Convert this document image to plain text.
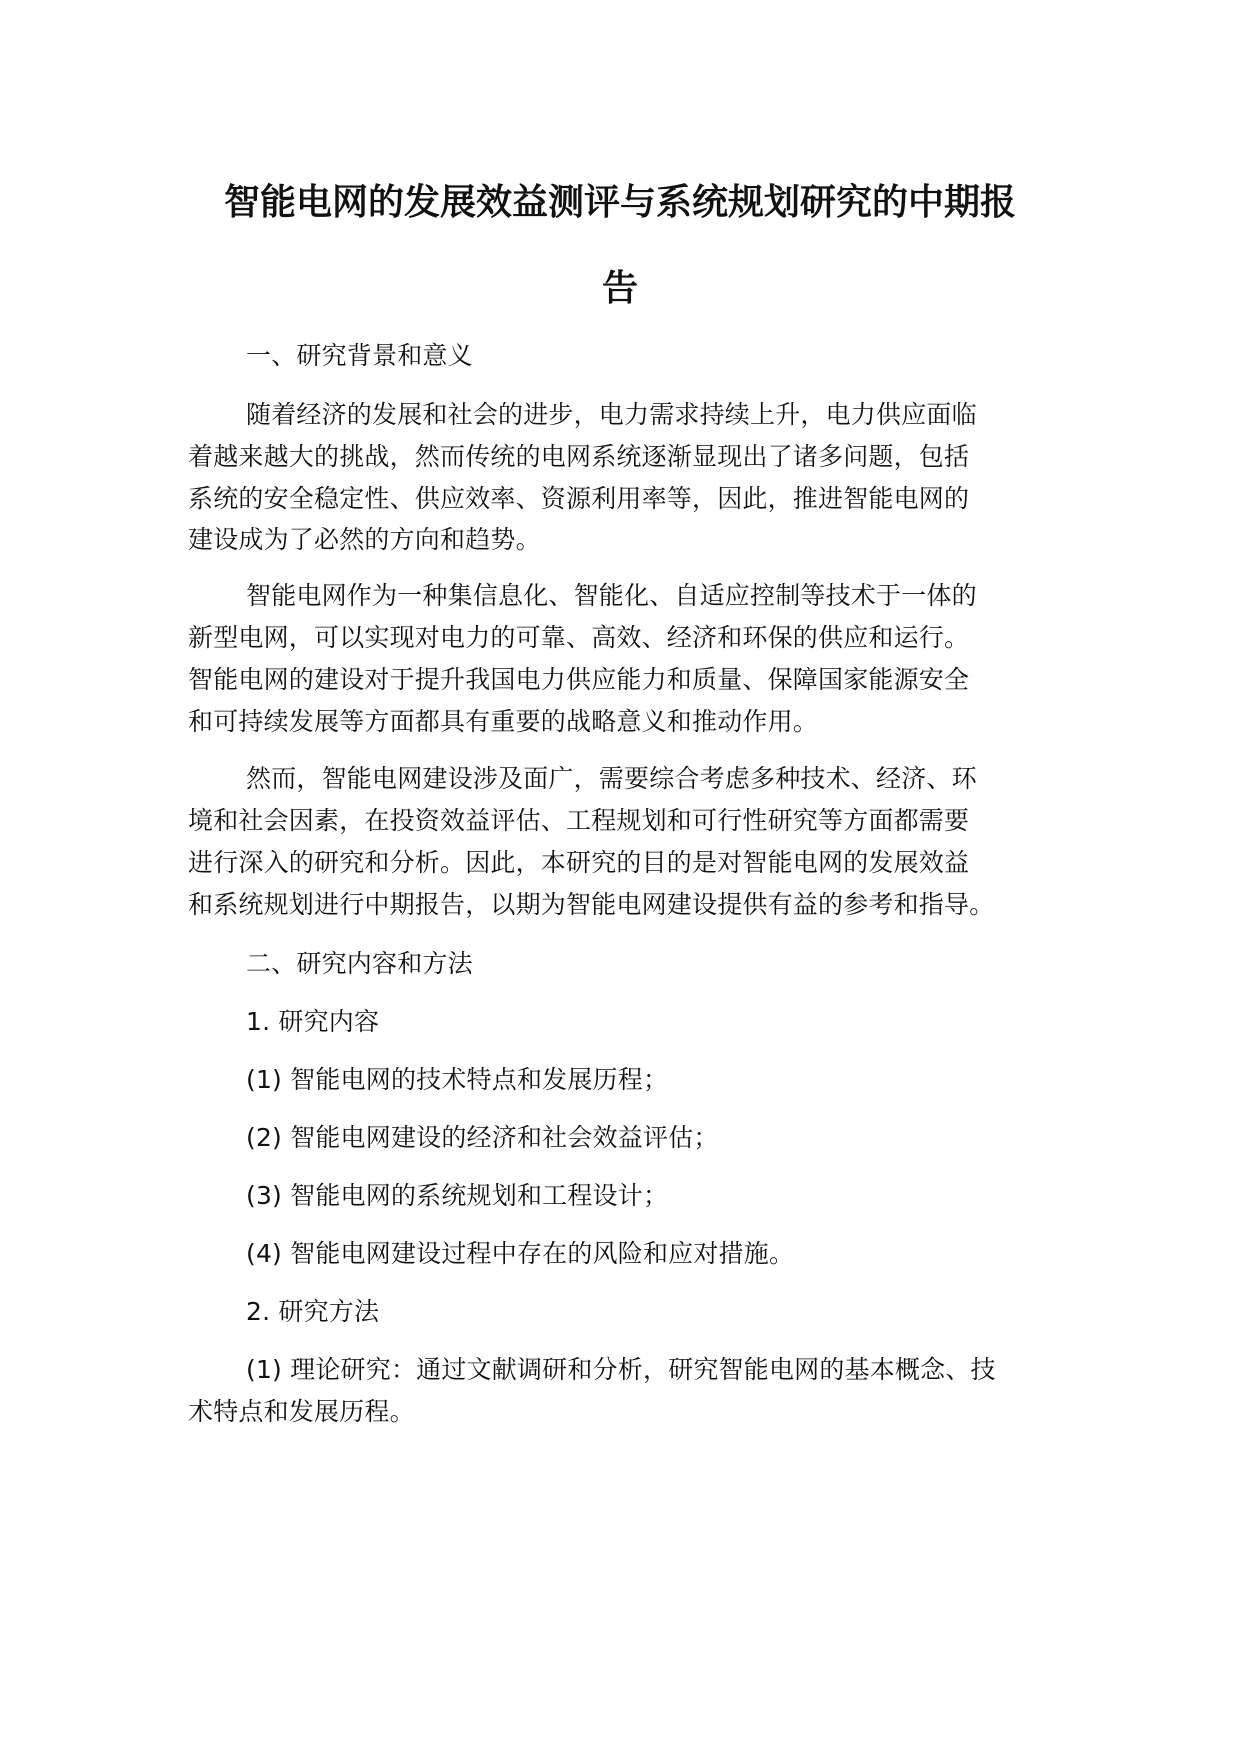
智能电网的发展效益测评与系统规划研究的中期报
告
一、研究背景和意义
随着经济的发展和社会的进步，电力需求持续上升，电力供应面临
着越来越大的挑战，然而传统的电网系统逐渐显现出了诸多问题，包括
系统的安全稳定性、供应效率、资源利用率等，因此，推进智能电网的
建设成为了必然的方向和趋势。
智能电网作为一种集信息化、智能化、自适应控制等技术于一体的
新型电网，可以实现对电力的可靠、高效、经济和环保的供应和运行。
智能电网的建设对于提升我国电力供应能力和质量、保障国家能源安全
和可持续发展等方面都具有重要的战略意义和推动作用。
然而，智能电网建设涉及面广，需要综合考虑多种技术、经济、环
境和社会因素，在投资效益评估、工程规划和可行性研究等方面都需要
进行深入的研究和分析。因此，本研究的目的是对智能电网的发展效益
和系统规划进行中期报告，以期为智能电网建设提供有益的参考和指导。
二、研究内容和方法
1. 研究内容
(1) 智能电网的技术特点和发展历程；
(2) 智能电网建设的经济和社会效益评估；
(3) 智能电网的系统规划和工程设计；
(4) 智能电网建设过程中存在的风险和应对措施。
2. 研究方法
(1) 理论研究：通过文献调研和分析，研究智能电网的基本概念、技
术特点和发展历程。
